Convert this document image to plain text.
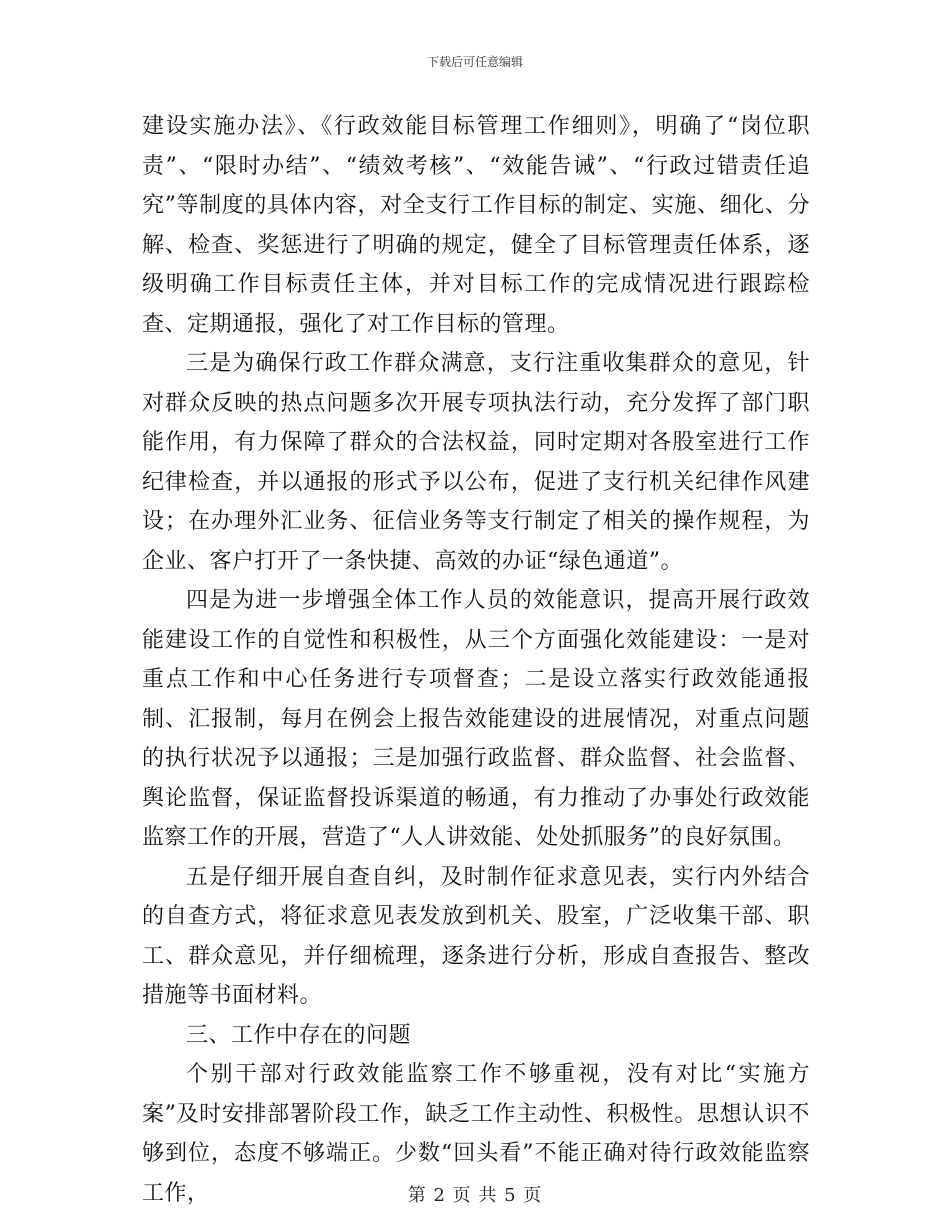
下载后可任意编辑

建设实施办法》、《行政效能目标管理工作细则》，明确了“岗位职责”、“限时办结”、“绩效考核”、“效能告诫”、“行政过错责任追究”等制度的具体内容，对全支行工作目标的制定、实施、细化、分解、检查、奖惩进行了明确的规定，健全了目标管理责任体系，逐级明确工作目标责任主体，并对目标工作的完成情况进行跟踪检查、定期通报，强化了对工作目标的管理。

三是为确保行政工作群众满意，支行注重收集群众的意见，针对群众反映的热点问题多次开展专项执法行动，充分发挥了部门职能作用，有力保障了群众的合法权益，同时定期对各股室进行工作纪律检查，并以通报的形式予以公布，促进了支行机关纪律作风建设；在办理外汇业务、征信业务等支行制定了相关的操作规程，为企业、客户打开了一条快捷、高效的办证“绿色通道”。

四是为进一步增强全体工作人员的效能意识，提高开展行政效能建设工作的自觉性和积极性，从三个方面强化效能建设：一是对重点工作和中心任务进行专项督查；二是设立落实行政效能通报制、汇报制，每月在例会上报告效能建设的进展情况，对重点问题的执行状况予以通报；三是加强行政监督、群众监督、社会监督、舆论监督，保证监督投诉渠道的畅通，有力推动了办事处行政效能监察工作的开展，营造了“人人讲效能、处处抓服务”的良好氛围。

五是仔细开展自查自纠，及时制作征求意见表，实行内外结合的自查方式，将征求意见表发放到机关、股室，广泛收集干部、职工、群众意见，并仔细梳理，逐条进行分析，形成自查报告、整改措施等书面材料。

三、工作中存在的问题

个别干部对行政效能监察工作不够重视，没有对比“实施方案”及时安排部署阶段工作，缺乏工作主动性、积极性。思想认识不够到位，态度不够端正。少数“回头看”不能正确对待行政效能监察工作，	第 2 页 共 5 页
